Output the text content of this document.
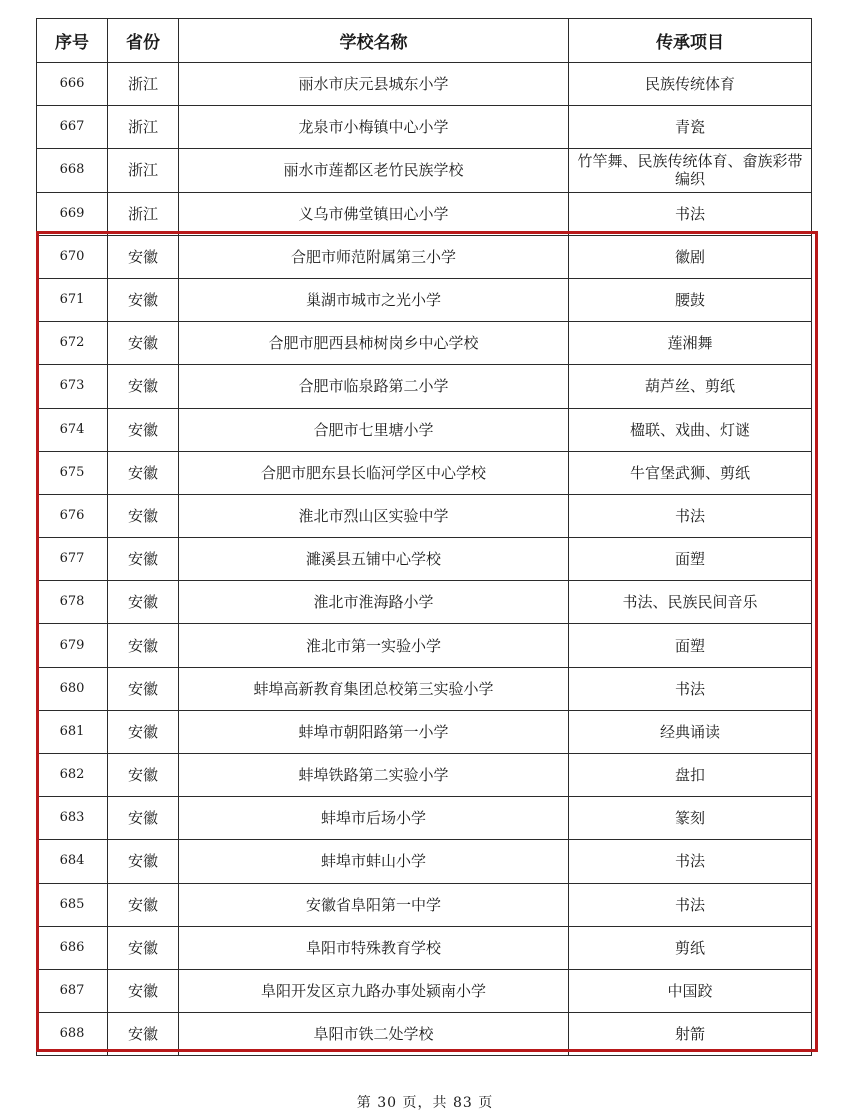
序号	省份	学校名称	传承项目
666	浙江	丽水市庆元县城东小学	民族传统体育
667	浙江	龙泉市小梅镇中心小学	青瓷
668	浙江	丽水市莲都区老竹民族学校	竹竿舞、民族传统体育、畲族彩带编织
669	浙江	义乌市佛堂镇田心小学	书法
670	安徽	合肥市师范附属第三小学	徽剧
671	安徽	巢湖市城市之光小学	腰鼓
672	安徽	合肥市肥西县柿树岗乡中心学校	莲湘舞
673	安徽	合肥市临泉路第二小学	葫芦丝、剪纸
674	安徽	合肥市七里塘小学	楹联、戏曲、灯谜
675	安徽	合肥市肥东县长临河学区中心学校	牛官堡武狮、剪纸
676	安徽	淮北市烈山区实验中学	书法
677	安徽	濉溪县五铺中心学校	面塑
678	安徽	淮北市淮海路小学	书法、民族民间音乐
679	安徽	淮北市第一实验小学	面塑
680	安徽	蚌埠高新教育集团总校第三实验小学	书法
681	安徽	蚌埠市朝阳路第一小学	经典诵读
682	安徽	蚌埠铁路第二实验小学	盘扣
683	安徽	蚌埠市后场小学	篆刻
684	安徽	蚌埠市蚌山小学	书法
685	安徽	安徽省阜阳第一中学	书法
686	安徽	阜阳市特殊教育学校	剪纸
687	安徽	阜阳开发区京九路办事处颍南小学	中国跤
688	安徽	阜阳市铁二处学校	射箭
第 30 页，共 83 页
